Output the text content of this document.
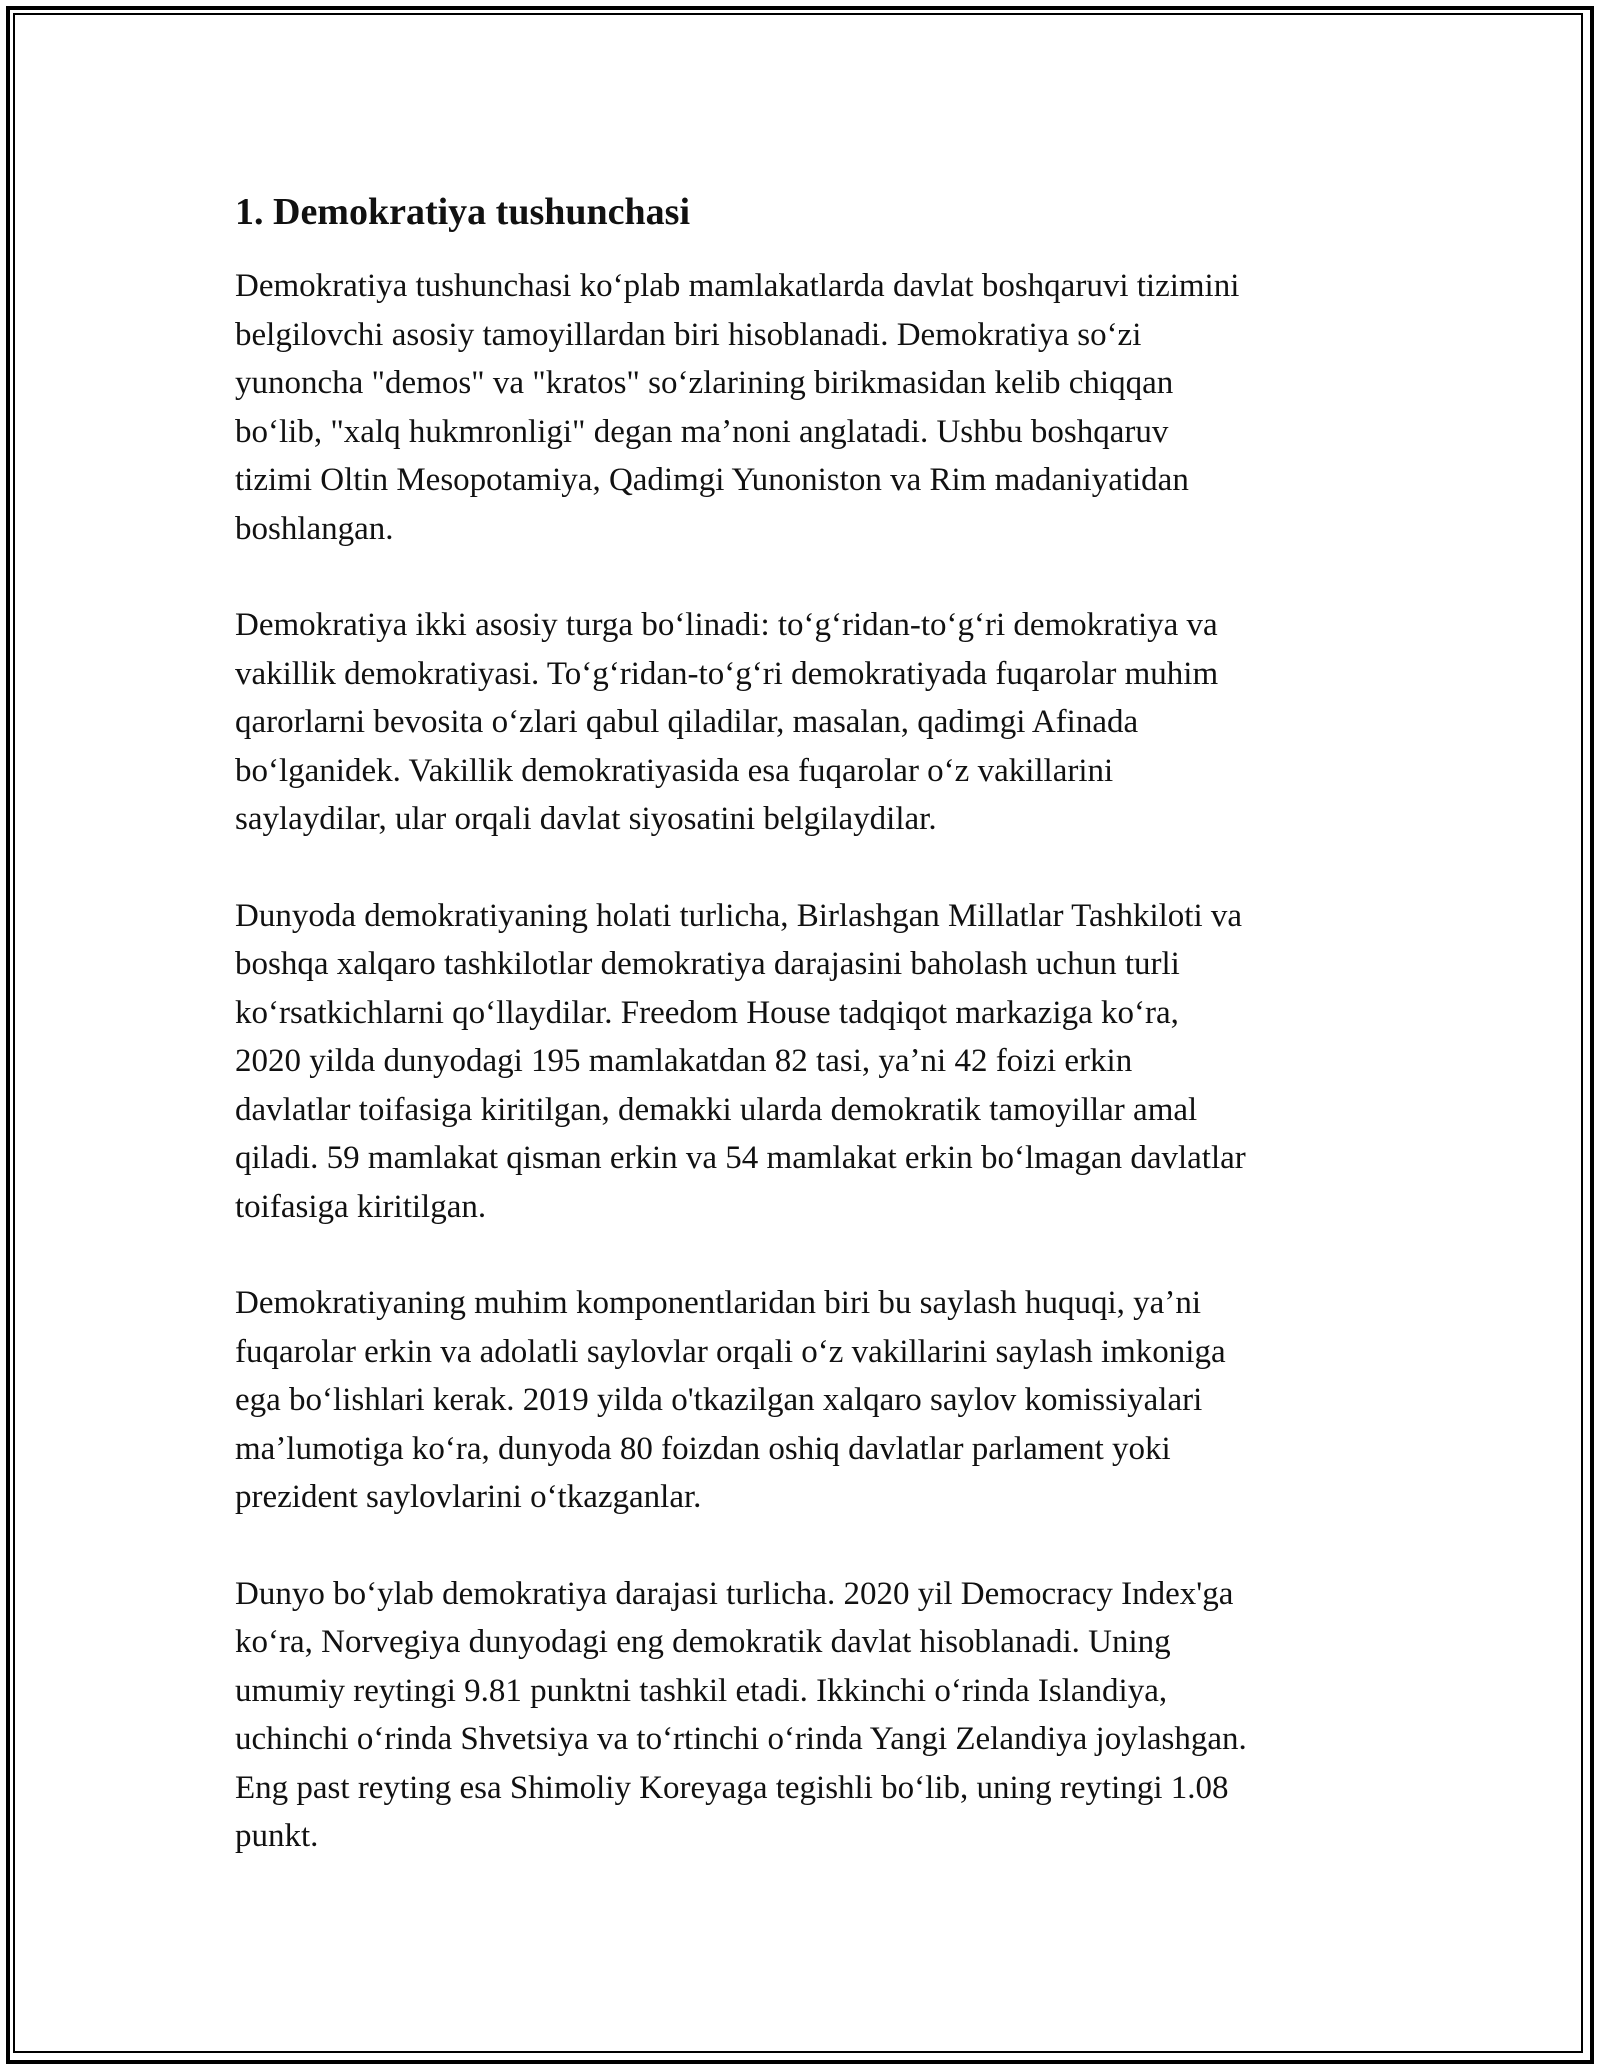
1. Demokratiya tushunchasi

Demokratiya tushunchasi koʻplab mamlakatlarda davlat boshqaruvi tizimini
belgilovchi asosiy tamoyillardan biri hisoblanadi. Demokratiya soʻzi
yunoncha "demos" va "kratos" soʻzlarining birikmasidan kelib chiqqan
boʻlib, "xalq hukmronligi" degan maʼnoni anglatadi. Ushbu boshqaruv
tizimi Oltin Mesopotamiya, Qadimgi Yunoniston va Rim madaniyatidan
boshlangan.

Demokratiya ikki asosiy turga boʻlinadi: toʻgʻridan-toʻgʻri demokratiya va
vakillik demokratiyasi. Toʻgʻridan-toʻgʻri demokratiyada fuqarolar muhim
qarorlarni bevosita oʻzlari qabul qiladilar, masalan, qadimgi Afinada
boʻlganidek. Vakillik demokratiyasida esa fuqarolar oʻz vakillarini
saylaydilar, ular orqali davlat siyosatini belgilaydilar.

Dunyoda demokratiyaning holati turlicha, Birlashgan Millatlar Tashkiloti va
boshqa xalqaro tashkilotlar demokratiya darajasini baholash uchun turli
koʻrsatkichlarni qoʻllaydilar. Freedom House tadqiqot markaziga koʻra,
2020 yilda dunyodagi 195 mamlakatdan 82 tasi, yaʼni 42 foizi erkin
davlatlar toifasiga kiritilgan, demakki ularda demokratik tamoyillar amal
qiladi. 59 mamlakat qisman erkin va 54 mamlakat erkin boʻlmagan davlatlar
toifasiga kiritilgan.

Demokratiyaning muhim komponentlaridan biri bu saylash huquqi, yaʼni
fuqarolar erkin va adolatli saylovlar orqali oʻz vakillarini saylash imkoniga
ega boʻlishlari kerak. 2019 yilda o'tkazilgan xalqaro saylov komissiyalari
maʼlumotiga koʻra, dunyoda 80 foizdan oshiq davlatlar parlament yoki
prezident saylovlarini oʻtkazganlar.

Dunyo boʻylab demokratiya darajasi turlicha. 2020 yil Democracy Index'ga
koʻra, Norvegiya dunyodagi eng demokratik davlat hisoblanadi. Uning
umumiy reytingi 9.81 punktni tashkil etadi. Ikkinchi oʻrinda Islandiya,
uchinchi oʻrinda Shvetsiya va toʻrtinchi oʻrinda Yangi Zelandiya joylashgan.
Eng past reyting esa Shimoliy Koreyaga tegishli boʻlib, uning reytingi 1.08
punkt.
